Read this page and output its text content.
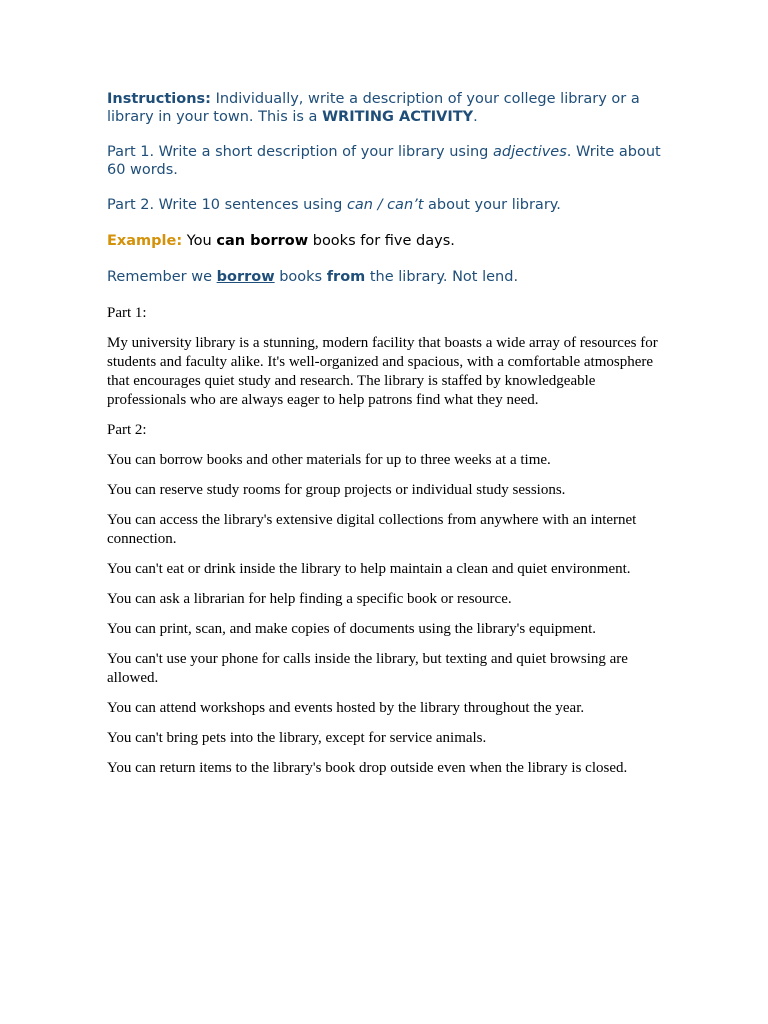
Instructions: Individually, write a description of your college library or a library in your town. This is a WRITING ACTIVITY.

Part 1. Write a short description of your library using adjectives. Write about 60 words.

Part 2. Write 10 sentences using can / can’t about your library.

Example: You can borrow books for five days.

Remember we borrow books from the library. Not lend.

Part 1:

My university library is a stunning, modern facility that boasts a wide array of resources for students and faculty alike. It's well-organized and spacious, with a comfortable atmosphere that encourages quiet study and research. The library is staffed by knowledgeable professionals who are always eager to help patrons find what they need.

Part 2:

You can borrow books and other materials for up to three weeks at a time.

You can reserve study rooms for group projects or individual study sessions.

You can access the library's extensive digital collections from anywhere with an internet connection.

You can't eat or drink inside the library to help maintain a clean and quiet environment.

You can ask a librarian for help finding a specific book or resource.

You can print, scan, and make copies of documents using the library's equipment.

You can't use your phone for calls inside the library, but texting and quiet browsing are allowed.

You can attend workshops and events hosted by the library throughout the year.

You can't bring pets into the library, except for service animals.

You can return items to the library's book drop outside even when the library is closed.
